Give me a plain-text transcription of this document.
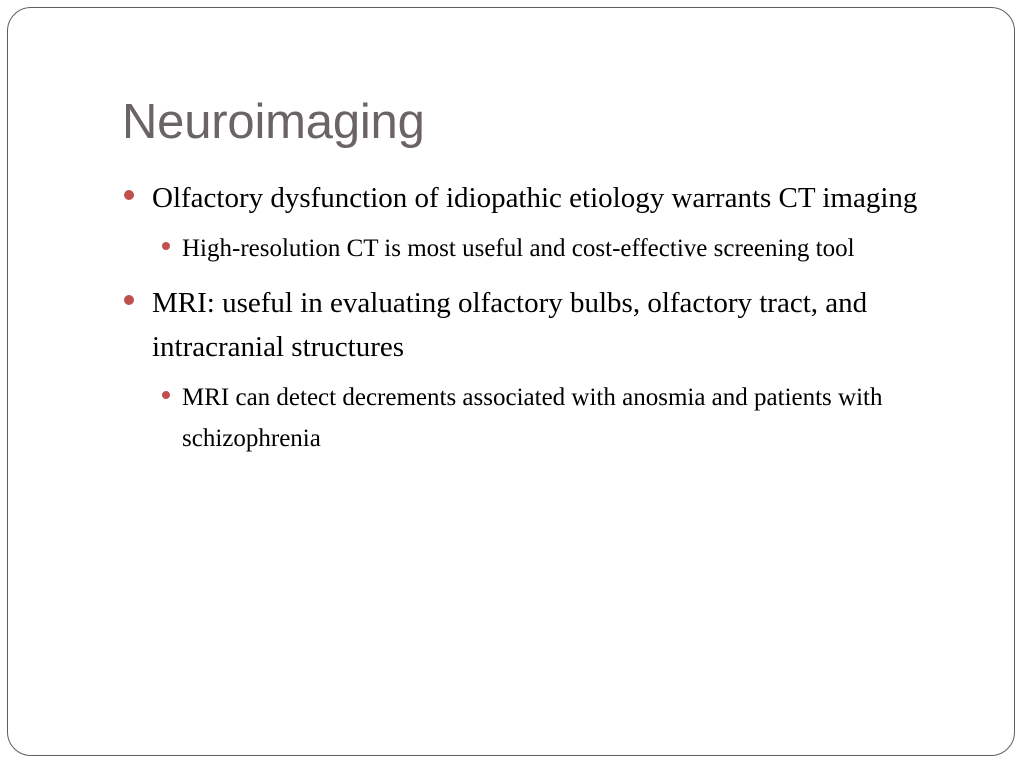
Neuroimaging
Olfactory dysfunction of idiopathic etiology warrants CT imaging
High-resolution CT is most useful and cost-effective screening tool
MRI: useful in evaluating olfactory bulbs, olfactory tract, and intracranial structures
MRI can detect decrements associated with anosmia and patients with schizophrenia
